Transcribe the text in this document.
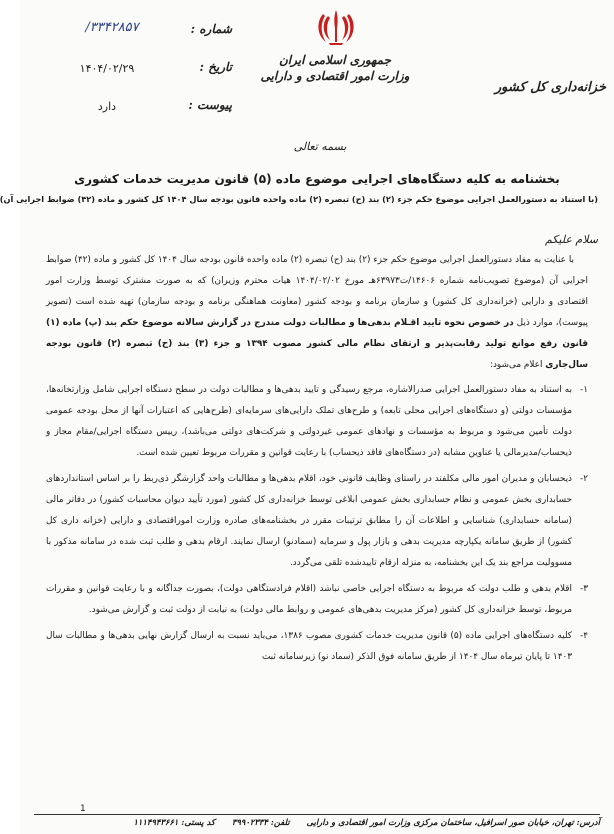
جمهوری اسلامی ایران
وزارت امور اقتصادی و دارایی
خزانه‌داری کل کشور
شماره :
۳۳۴۲۸۵۷/
تاریخ :
۱۴۰۴/۰۲/۲۹
پیوست :
دارد
بسمه تعالی
بخشنامه به کلیه دستگاه‌های اجرایی موضوع ماده (۵) قانون مدیریت خدمات کشوری
(با استناد به دستورالعمل اجرایی موضوع حکم جزء (۲) بند (ح) تبصره (۲) ماده واحده قانون بودجه سال ۱۴۰۴ کل کشور و ماده (۴۲) ضوابط اجرایی آن)
سلام علیکم

با عنایت به مفاد دستورالعمل اجرایی موضوع حکم جزء (۲) بند (ح) تبصره (۲) ماده واحده قانون بودجه سال ۱۴۰۴ کل کشور و ماده (۴۲) ضوابط اجرایی آن (موضوع تصویب‌نامه شماره ۱۴۶۰۶/ت۶۳۹۷۳هـ مورخ ۱۴۰۴/۰۲/۰۲ هیات محترم وزیران) که به صورت مشترک توسط وزارت امور اقتصادی و دارایی (خزانه‌داری کل کشور) و سازمان برنامه و بودجه کشور (معاونت هماهنگی برنامه و بودجه سازمان) تهیه شده است (تصویر پیوست)، موارد ذیل در خصوص نحوه تایید اقـلام بدهی‌ها و مطالبات دولت مندرج در گزارش سالانه موضوع حکم بند (پ) ماده (۱) قانون رفع موانع تولید رقابت‌پذیر و ارتقای نظام مالی کشور مصوب ۱۳۹۴ و جزء (۳) بند (ح) تبصره (۲) قانون بودجه سال‌جاری اعلام می‌شود:

۱-
به استناد به مفاد دستورالعمل اجرایی صدرالاشاره، مرجع رسیدگی و تایید بدهی‌ها و مطالبات دولت در سطح دستگاه اجرایی شامل وزارتخانه‌ها، مؤسسات دولتی (و دستگاه‌های اجرایی محلی تابعه) و طرح‌های تملک دارایی‌های سرمایه‌ای (طرح‌هایی که اعتبارات آنها از محل بودجه عمومی دولت تأمین می‌شود و مربوط به مؤسسات و نهادهای عمومی غیردولتی و شرکت‌های دولتی می‌باشد)، رییس دستگاه اجرایی/مقام مجاز و ذیحساب/مدیرمالی یا عناوین مشابه (در دستگاه‌های فاقد ذیحساب) با رعایت قوانین و مقررات مربوط تعیین شده است.
۲-
ذیحسابان و مدیران امور مالی مکلفند در راستای وظایف قانونی خود، اقلام بدهی‌ها و مطالبات واحد گزارشگر ذی‌ربط را بر اساس استانداردهای حسابداری بخش عمومی و نظام حسابداری بخش عمومی ابلاغی توسط خزانه‌داری کل کشور (مورد تأیید دیوان محاسبات کشور) در دفاتر مالی (سامانه حسابداری) شناسایی و اطلاعات آن را مطابق ترتیبات مقرر در بخشنامه‌های صادره وزارت اموراقتصادی و دارایی (خزانه داری کل کشور) از طریق سامانه یکپارچه مدیریت بدهی و بازار پول و سرمایه (سمادنو) ارسال نمایند. ارقام بدهی و طلب ثبت شده در سامانه مذکور با مسوولیت مراجع بند یک این بخشنامه، به منزله ارقام تاییدشده تلقی می‌گردد.
۳-
اقلام بدهی و طلب دولت که مربوط به دستگاه اجرایی خاصی نباشد (اقلام فرادستگاهی دولت)، بصورت جداگانه و با رعایت قوانین و مقررات مربوط، توسط خزانه‌داری کل کشور (مرکز مدیریت بدهی‌های عمومی و روابط مالی دولت) به نیابت از دولت ثبت و گزارش می‌شود.
۴-
کلیه دستگاه‌های اجرایی ماده (۵) قانون مدیریت خدمات کشوری مصوب ۱۳۸۶، می‌باید نسبت به ارسال گزارش نهایی بدهی‌ها و مطالبات سال ۱۴۰۳ تا پایان تیرماه سال ۱۴۰۴ از طریق سامانه فوق الذکر (سماد نو) زیرسامانه ثبت
1
آدرس: تهران، خیابان صور اسرافیل، ساختمان مرکزی وزارت امور اقتصادی و دارایی تلفن: ۳۹۹۰۲۳۳۴ کد پستی: ۱۱۱۴۹۴۳۶۶۱
